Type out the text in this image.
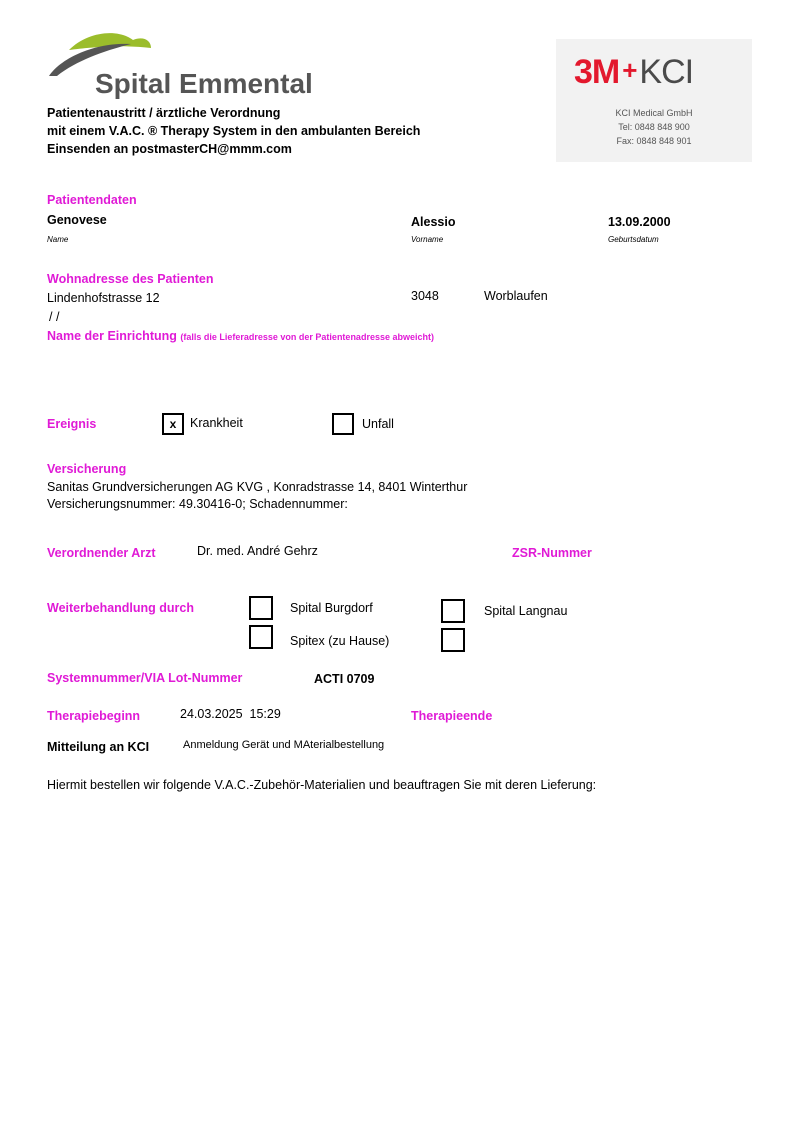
Spital Emmental	3M +KCI
KCI Medical GmbH
Tel: 0848 848 900
Fax: 0848 848 901
Patientenaustritt / ärztliche Verordnung
mit einem V.A.C. ® Therapy System in den ambulanten Bereich
Einsenden an postmasterCH@mmm.com
Patientendaten
Genovese
Name
Alessio
Vorname
13.09.2000
Geburtsdatum
Wohnadresse des Patienten
Lindenhofstrasse 12	3048	Worblaufen
/ /
Name der Einrichtung (falls die Lieferadresse von der Patientenadresse abweicht)
Ereignis	x	Krankheit	Unfall
Versicherung
Sanitas Grundversicherungen AG KVG , Konradstrasse 14, 8401 Winterthur
Versicherungsnummer: 49.30416-0; Schadennummer:
Verordnender Arzt	Dr. med. André Gehrz	ZSR-Nummer
Weiterbehandlung durch	Spital Burgdorf	Spital Langnau
Spitex (zu Hause)
Systemnummer/VIA Lot-Nummer	ACTI 0709
Therapiebeginn	24.03.2025  15:29	Therapieende
Mitteilung an KCI	Anmeldung Gerät und MAterialbestellung
Hiermit bestellen wir folgende V.A.C.-Zubehör-Materialien und beauftragen Sie mit deren Lieferung:
